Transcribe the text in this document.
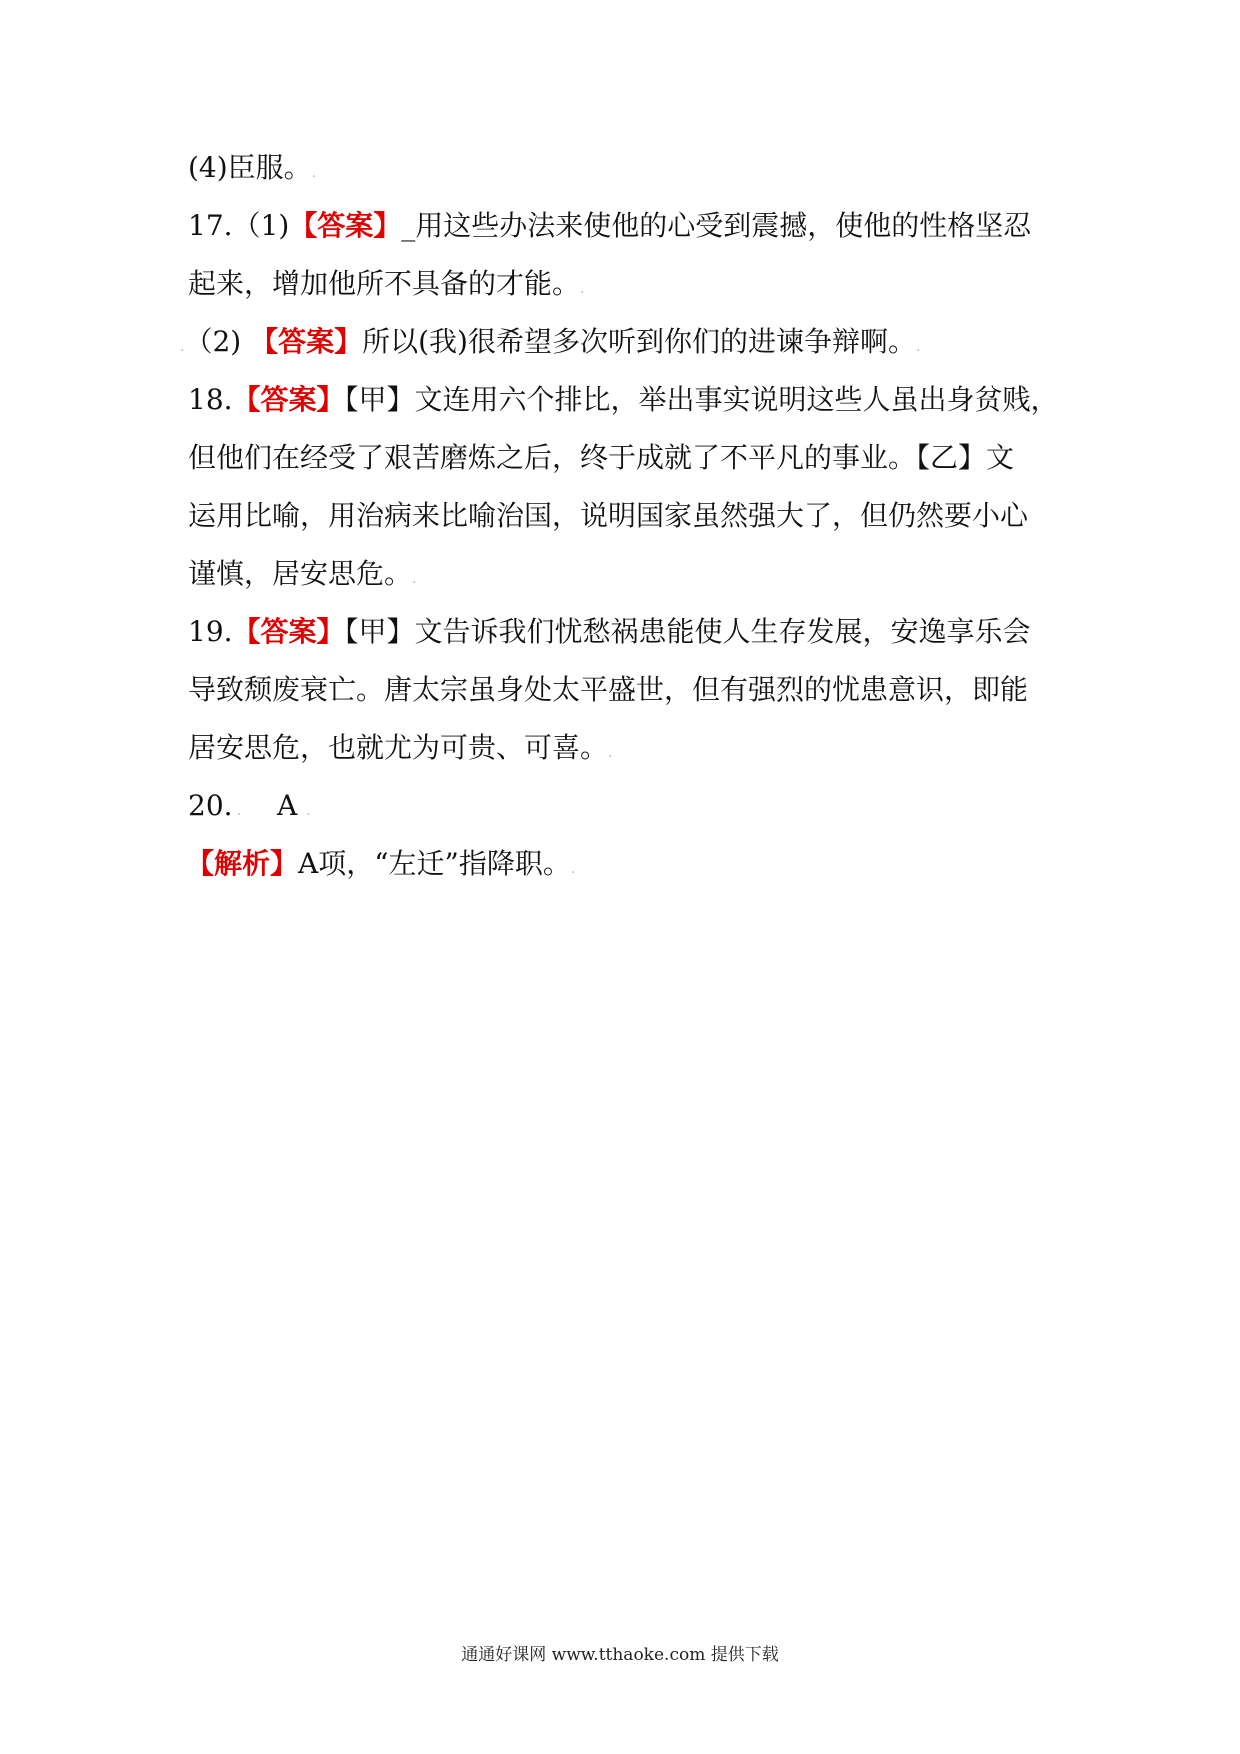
(4)臣服。.
17.（1)【答案】_用这些办法来使他的心受到震撼，使他的性格坚忍
起来，增加他所不具备的才能。.
.（2) 【答案】所以(我)很希望多次听到你们的进谏争辩啊。.
18.【答案】【甲】文连用六个排比，举出事实说明这些人虽出身贫贱，
但他们在经受了艰苦磨炼之后，终于成就了不平凡的事业。【乙】文
运用比喻，用治病来比喻治国，说明国家虽然强大了，但仍然要小心
谨慎，居安思危。.
19.【答案】【甲】文告诉我们忧愁祸患能使人生存发展，安逸享乐会
导致颓废衰亡。唐太宗虽身处太平盛世，但有强烈的忧患意识，即能
居安思危，也就尤为可贵、可喜。.
20. . A .
【解析】A项，“左迁”指降职。.
通通好课网 www.tthaoke.com 提供下载
